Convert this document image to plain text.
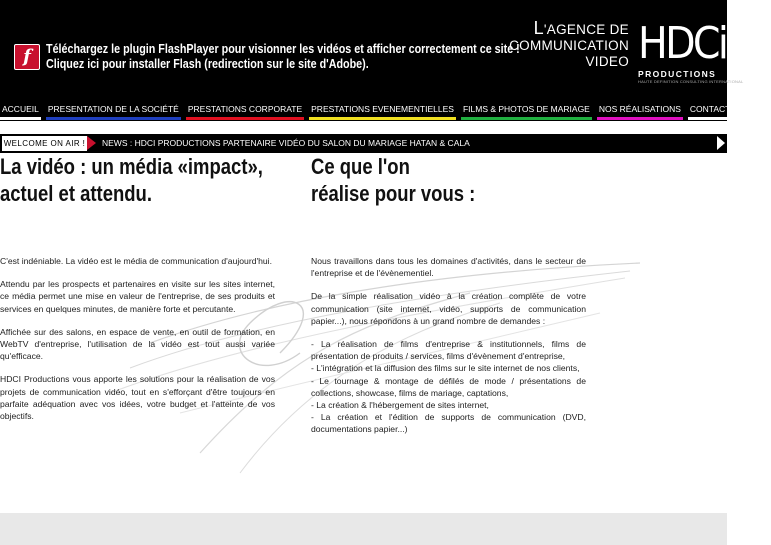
f Téléchargez le plugin FlashPlayer pour visionner les vidéos et afficher correctement ce site !
Cliquez ici pour installer Flash (redirection sur le site d'Adobe).
L'AGENCE DE
COMMUNICATION
VIDEO HDCi
PRODUCTIONS
HAUTE DEFINITION CONSULTING INTERNATIONAL
ACCUEIL PRESENTATION DE LA SOCIÉTÉ PRESTATIONS CORPORATE PRESTATIONS EVENEMENTIELLES FILMS & PHOTOS DE MARIAGE NOS RÉALISATIONS CONTACTEZ-NOUS
WELCOME ON AIR ! NEWS : HDCI PRODUCTIONS PARTENAIRE VIDÉO DU SALON DU MARIAGE HATAN & CALA
La vidéo : un média «impact»,
actuel et attendu.

C'est indéniable. La vidéo est le média de communication d'aujourd'hui.

Attendu par les prospects et partenaires en visite sur les sites internet, ce média permet une mise en valeur de l'entreprise, de ses produits et services en quelques minutes, de manière forte et percutante.

Affichée sur des salons, en espace de vente, en outil de formation, en WebTV d'entreprise, l'utilisation de la vidéo est tout aussi variée qu'efficace.

HDCI Productions vous apporte les solutions pour la réalisation de vos projets de communication vidéo, tout en s'efforçant d'être toujours en parfaite adéquation avec vos idées, votre budget et l'atteinte de vos objectifs.

Ce que l'on
réalise pour vous :

Nous travaillons dans tous les domaines d'activités, dans le secteur de l'entreprise et de l'évènementiel.

De la simple réalisation vidéo à la création complète de votre communication (site internet, vidéo, supports de communication papier...), nous répondons à un grand nombre de demandes :

- La réalisation de films d'entreprise & institutionnels, films de présentation de produits / services, films d'évènement d'entreprise,

- L'intégration et la diffusion des films sur le site internet de nos clients,

- Le tournage & montage de défilés de mode / présentations de collections, showcase, films de mariage, captations,

- La création & l'hébergement de sites internet,

- La création et l'édition de supports de communication (DVD, documentations papier...)
